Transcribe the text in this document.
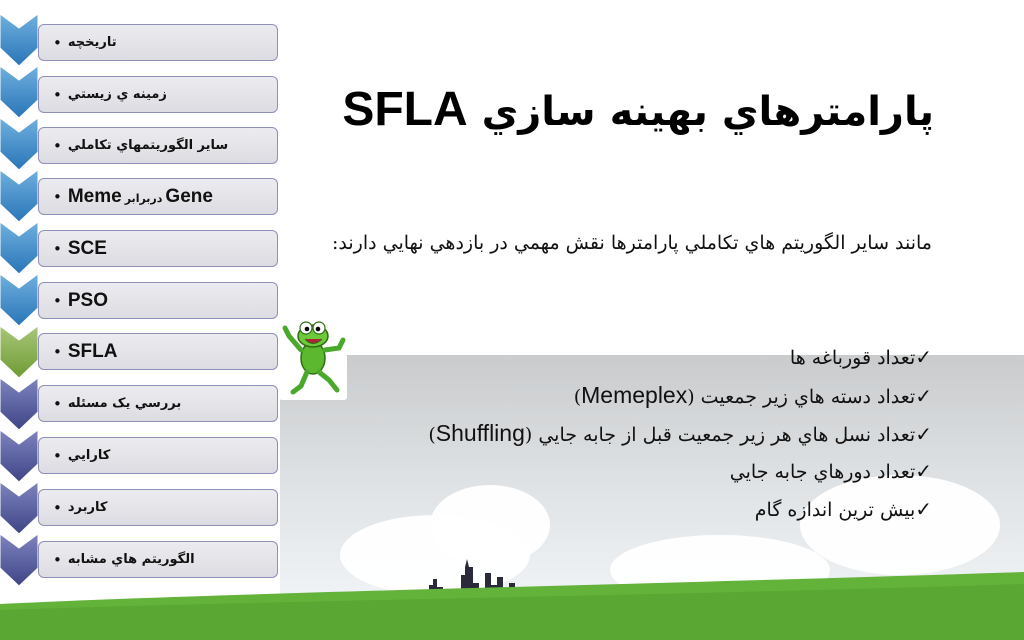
• تاريخچه
• زمينه ي زيستي
• ساير الگوريتمهاي تكاملي
• Meme دربرابر Gene
• SCE
• PSO
• SFLA
• بررسي یک مسئله
• كارايي
• كاربرد
• الگوريتم هاي مشابه
پارامترهاي بهينه سازي SFLA
مانند ساير الگوريتم هاي تكاملي پارامترها نقش مهمي در بازدهي نهايي دارند:
✓تعداد قورباغه ها
✓تعداد دسته هاي زير جمعيت (Memeplex)
✓تعداد نسل هاي هر زير جمعيت قبل از جابه جايي (Shuffling)
✓تعداد دورهاي جابه جايي
✓بيش ترين اندازه گام
